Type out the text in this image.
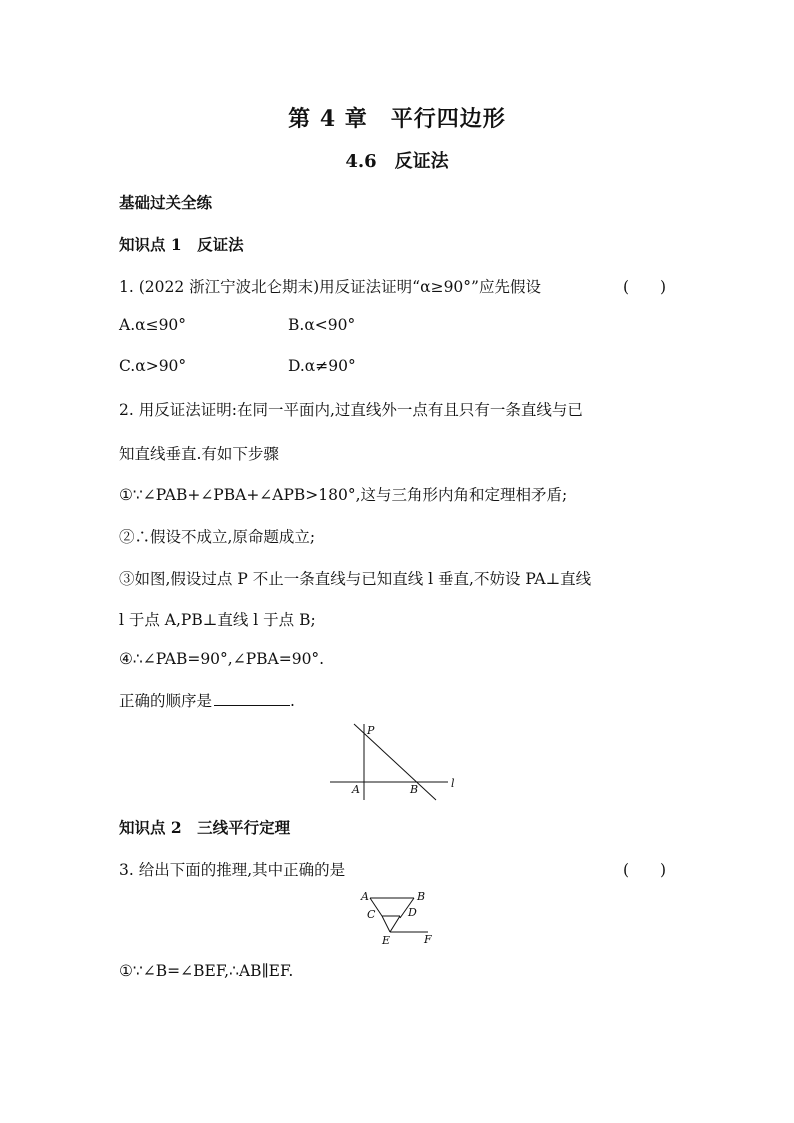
第 4 章　平行四边形
4.6　反证法
基础过关全练
知识点 1　反证法
1. (2022 浙江宁波北仑期末)用反证法证明“α≥90°”应先假设	(　　)
A.α≤90°	B.α<90°
C.α>90°	D.α≠90°
2. 用反证法证明:在同一平面内,过直线外一点有且只有一条直线与已
知直线垂直.有如下步骤
①∵∠PAB+∠PBA+∠APB>180°,这与三角形内角和定理相矛盾;
②∴假设不成立,原命题成立;
③如图,假设过点 P 不止一条直线与已知直线 l 垂直,不妨设 PA⊥直线
l 于点 A,PB⊥直线 l 于点 B;
④∴∠PAB=90°,∠PBA=90°.
正确的顺序是	.
P
A	B	l
知识点 2　三线平行定理
3. 给出下面的推理,其中正确的是	(　　)
A	B
C	D
E	F
①∵∠B=∠BEF,∴AB∥EF.
